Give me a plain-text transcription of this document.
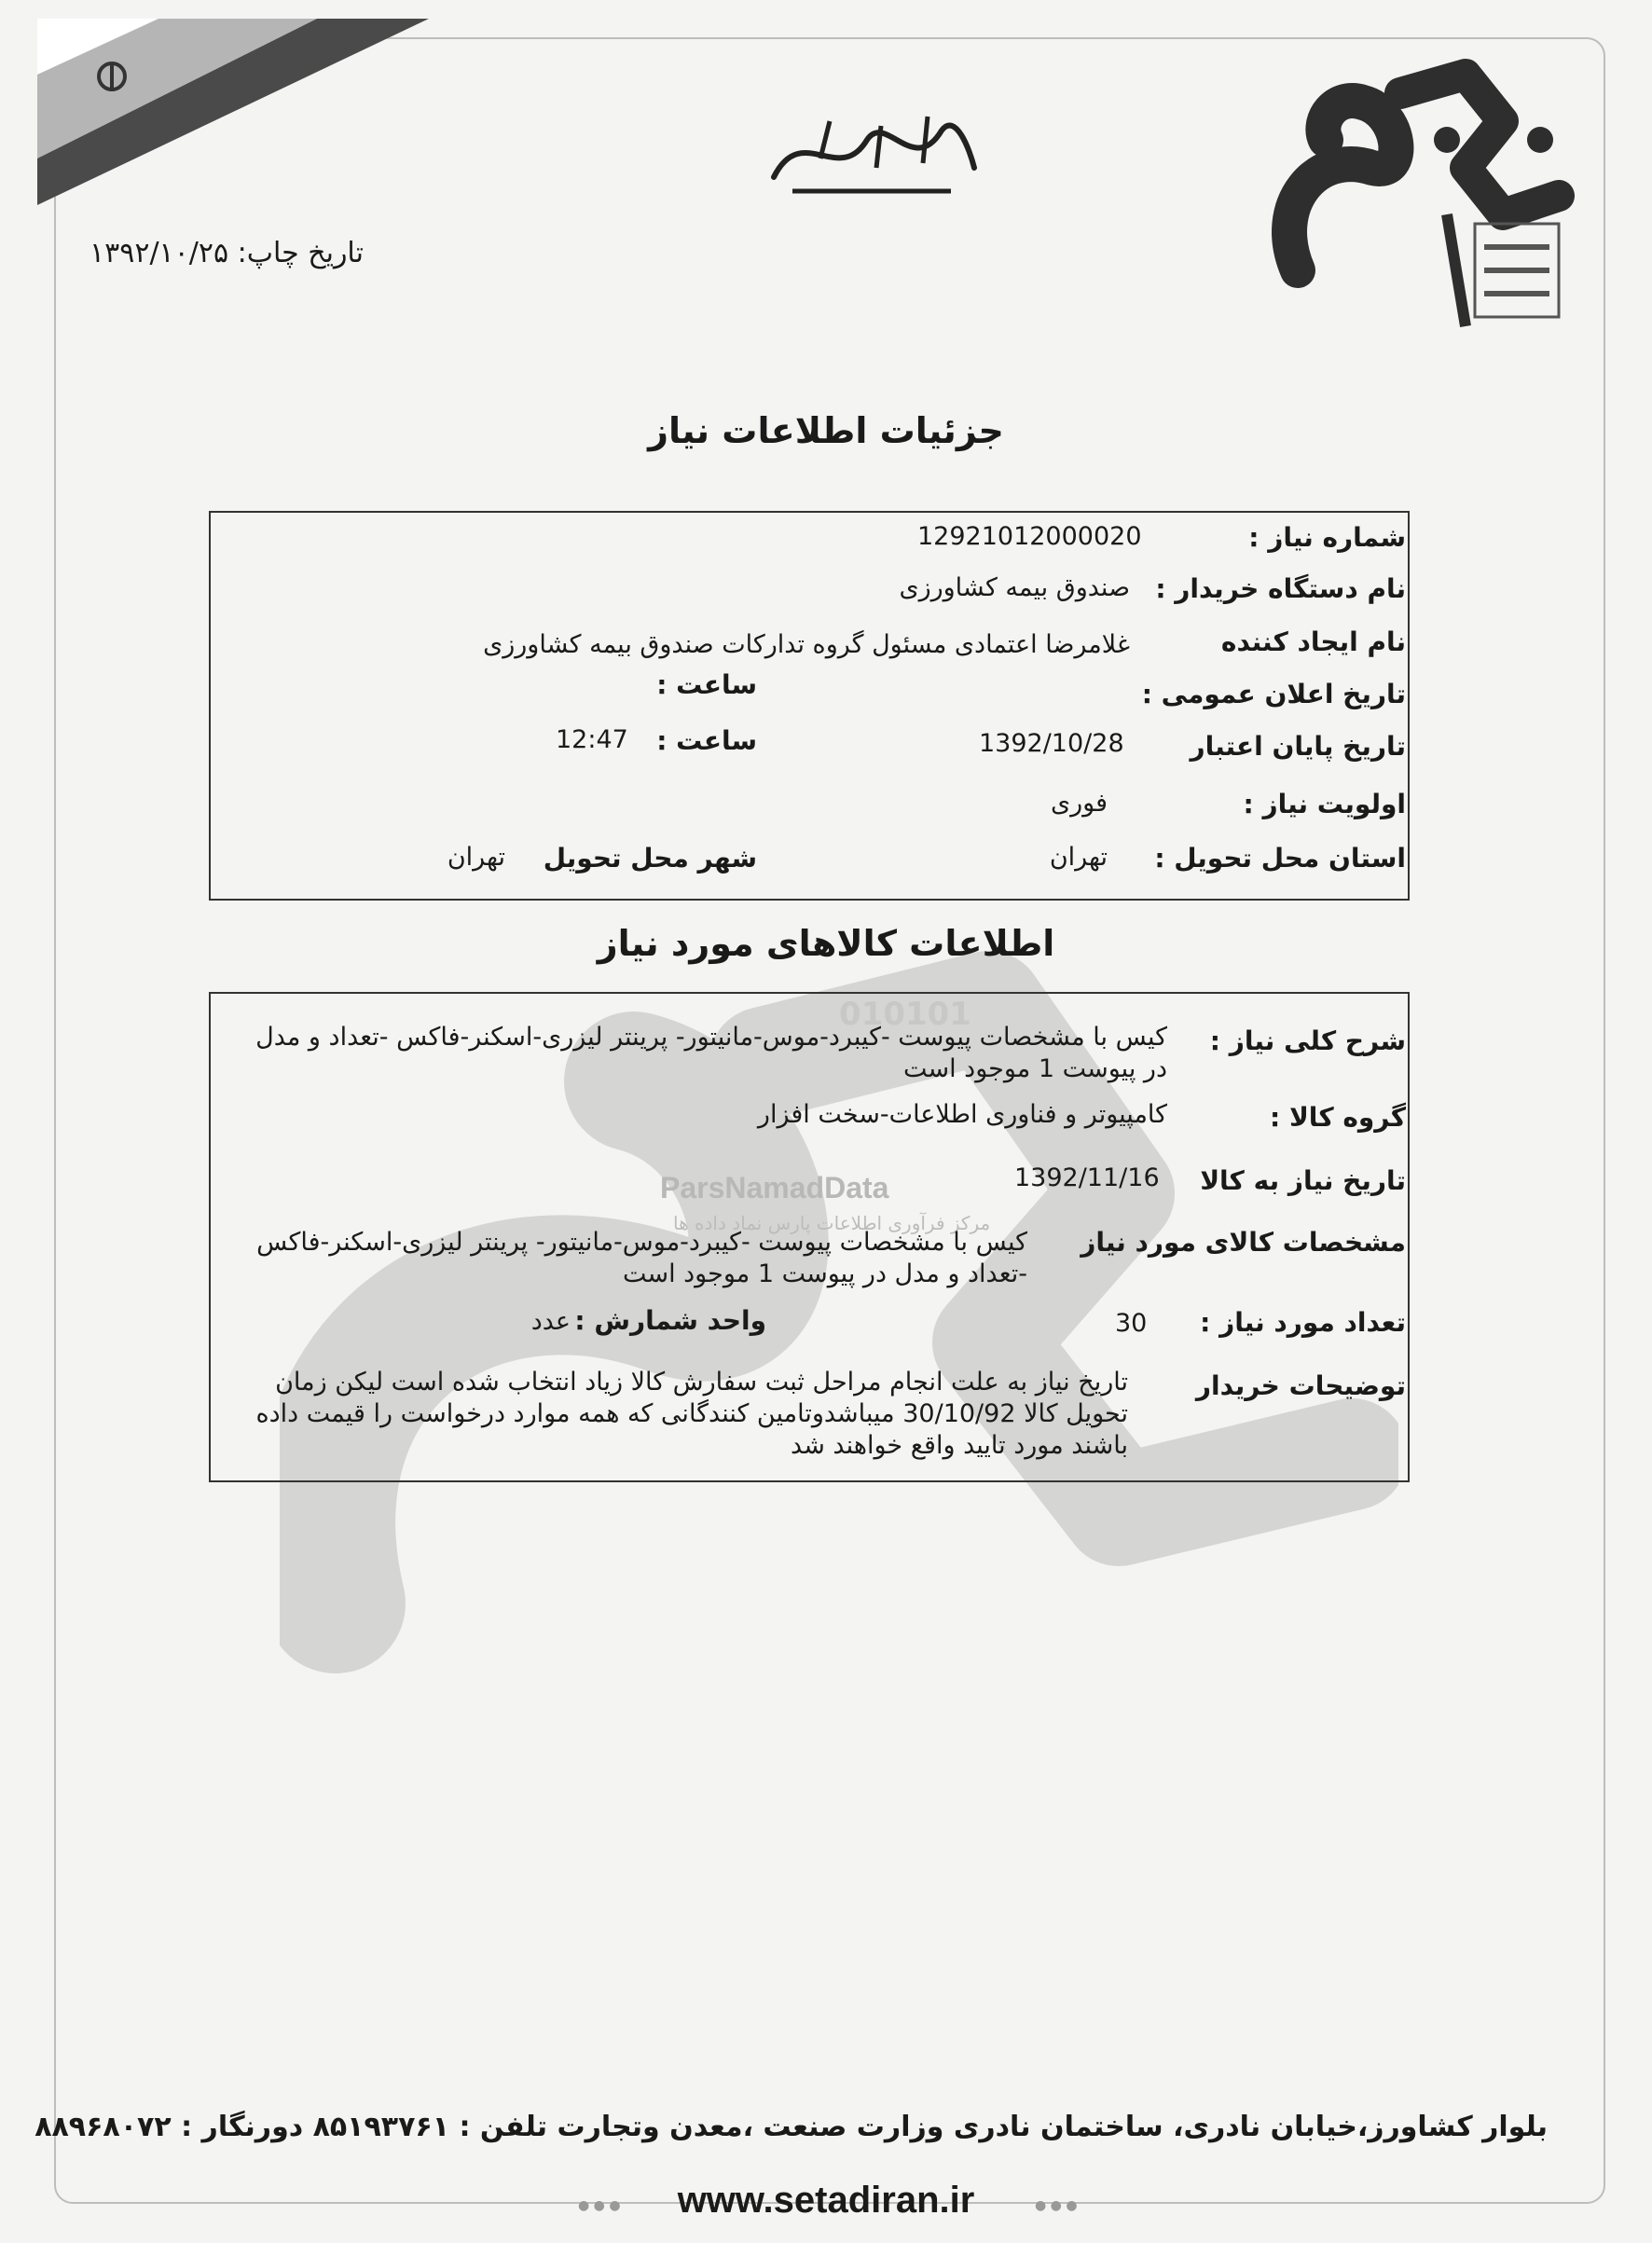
010101
ParsNamadData
مرکز فرآوری اطلاعات پارس نماد داده ها
تاریخ چاپ: ۱۳۹۲/۱۰/۲۵
جزئیات اطلاعات نیاز
شماره نیاز :
12921012000020
نام دستگاه خریدار :
صندوق بیمه کشاورزی
نام ایجاد کننده
غلامرضا اعتمادی مسئول گروه تدارکات صندوق بیمه کشاورزی
تاریخ اعلان عمومی :
ساعت :
تاریخ پایان اعتبار
1392/10/28
ساعت :
12:47
اولویت نیاز :
فوری
استان محل تحویل :
تهران
شهر محل تحویل
تهران
اطلاعات کالاهای مورد نیاز
شرح کلی نیاز :
کیس با مشخصات پیوست -کیبرد-موس-مانیتور- پرینتر لیزری-اسکنر-فاکس -تعداد و مدل در پیوست 1 موجود است
گروه کالا :
کامپیوتر و فناوری اطلاعات-سخت افزار
تاریخ نیاز به کالا
1392/11/16
مشخصات کالای مورد نیاز
کیس با مشخصات پیوست -کیبرد-موس-مانیتور- پرینتر لیزری-اسکنر-فاکس -تعداد و مدل در پیوست 1 موجود است
تعداد مورد نیاز :
30
واحد شمارش :
عدد
توضیحات خریدار
تاریخ نیاز به علت انجام مراحل ثبت سفارش کالا زیاد انتخاب شده است لیکن زمان تحویل کالا 30/10/92 میباشدوتامین کنندگانی که همه موارد درخواست را قیمت داده باشند مورد تایید واقع خواهند شد
بلوار کشاورز،خیابان نادری، ساختمان نادری وزارت صنعت ،معدن وتجارت تلفن : ۸۵۱۹۳۷۶۱ دورنگار : ۸۸۹۶۸۰۷۲
● ● ●	www.setadiran.ir	● ● ●
